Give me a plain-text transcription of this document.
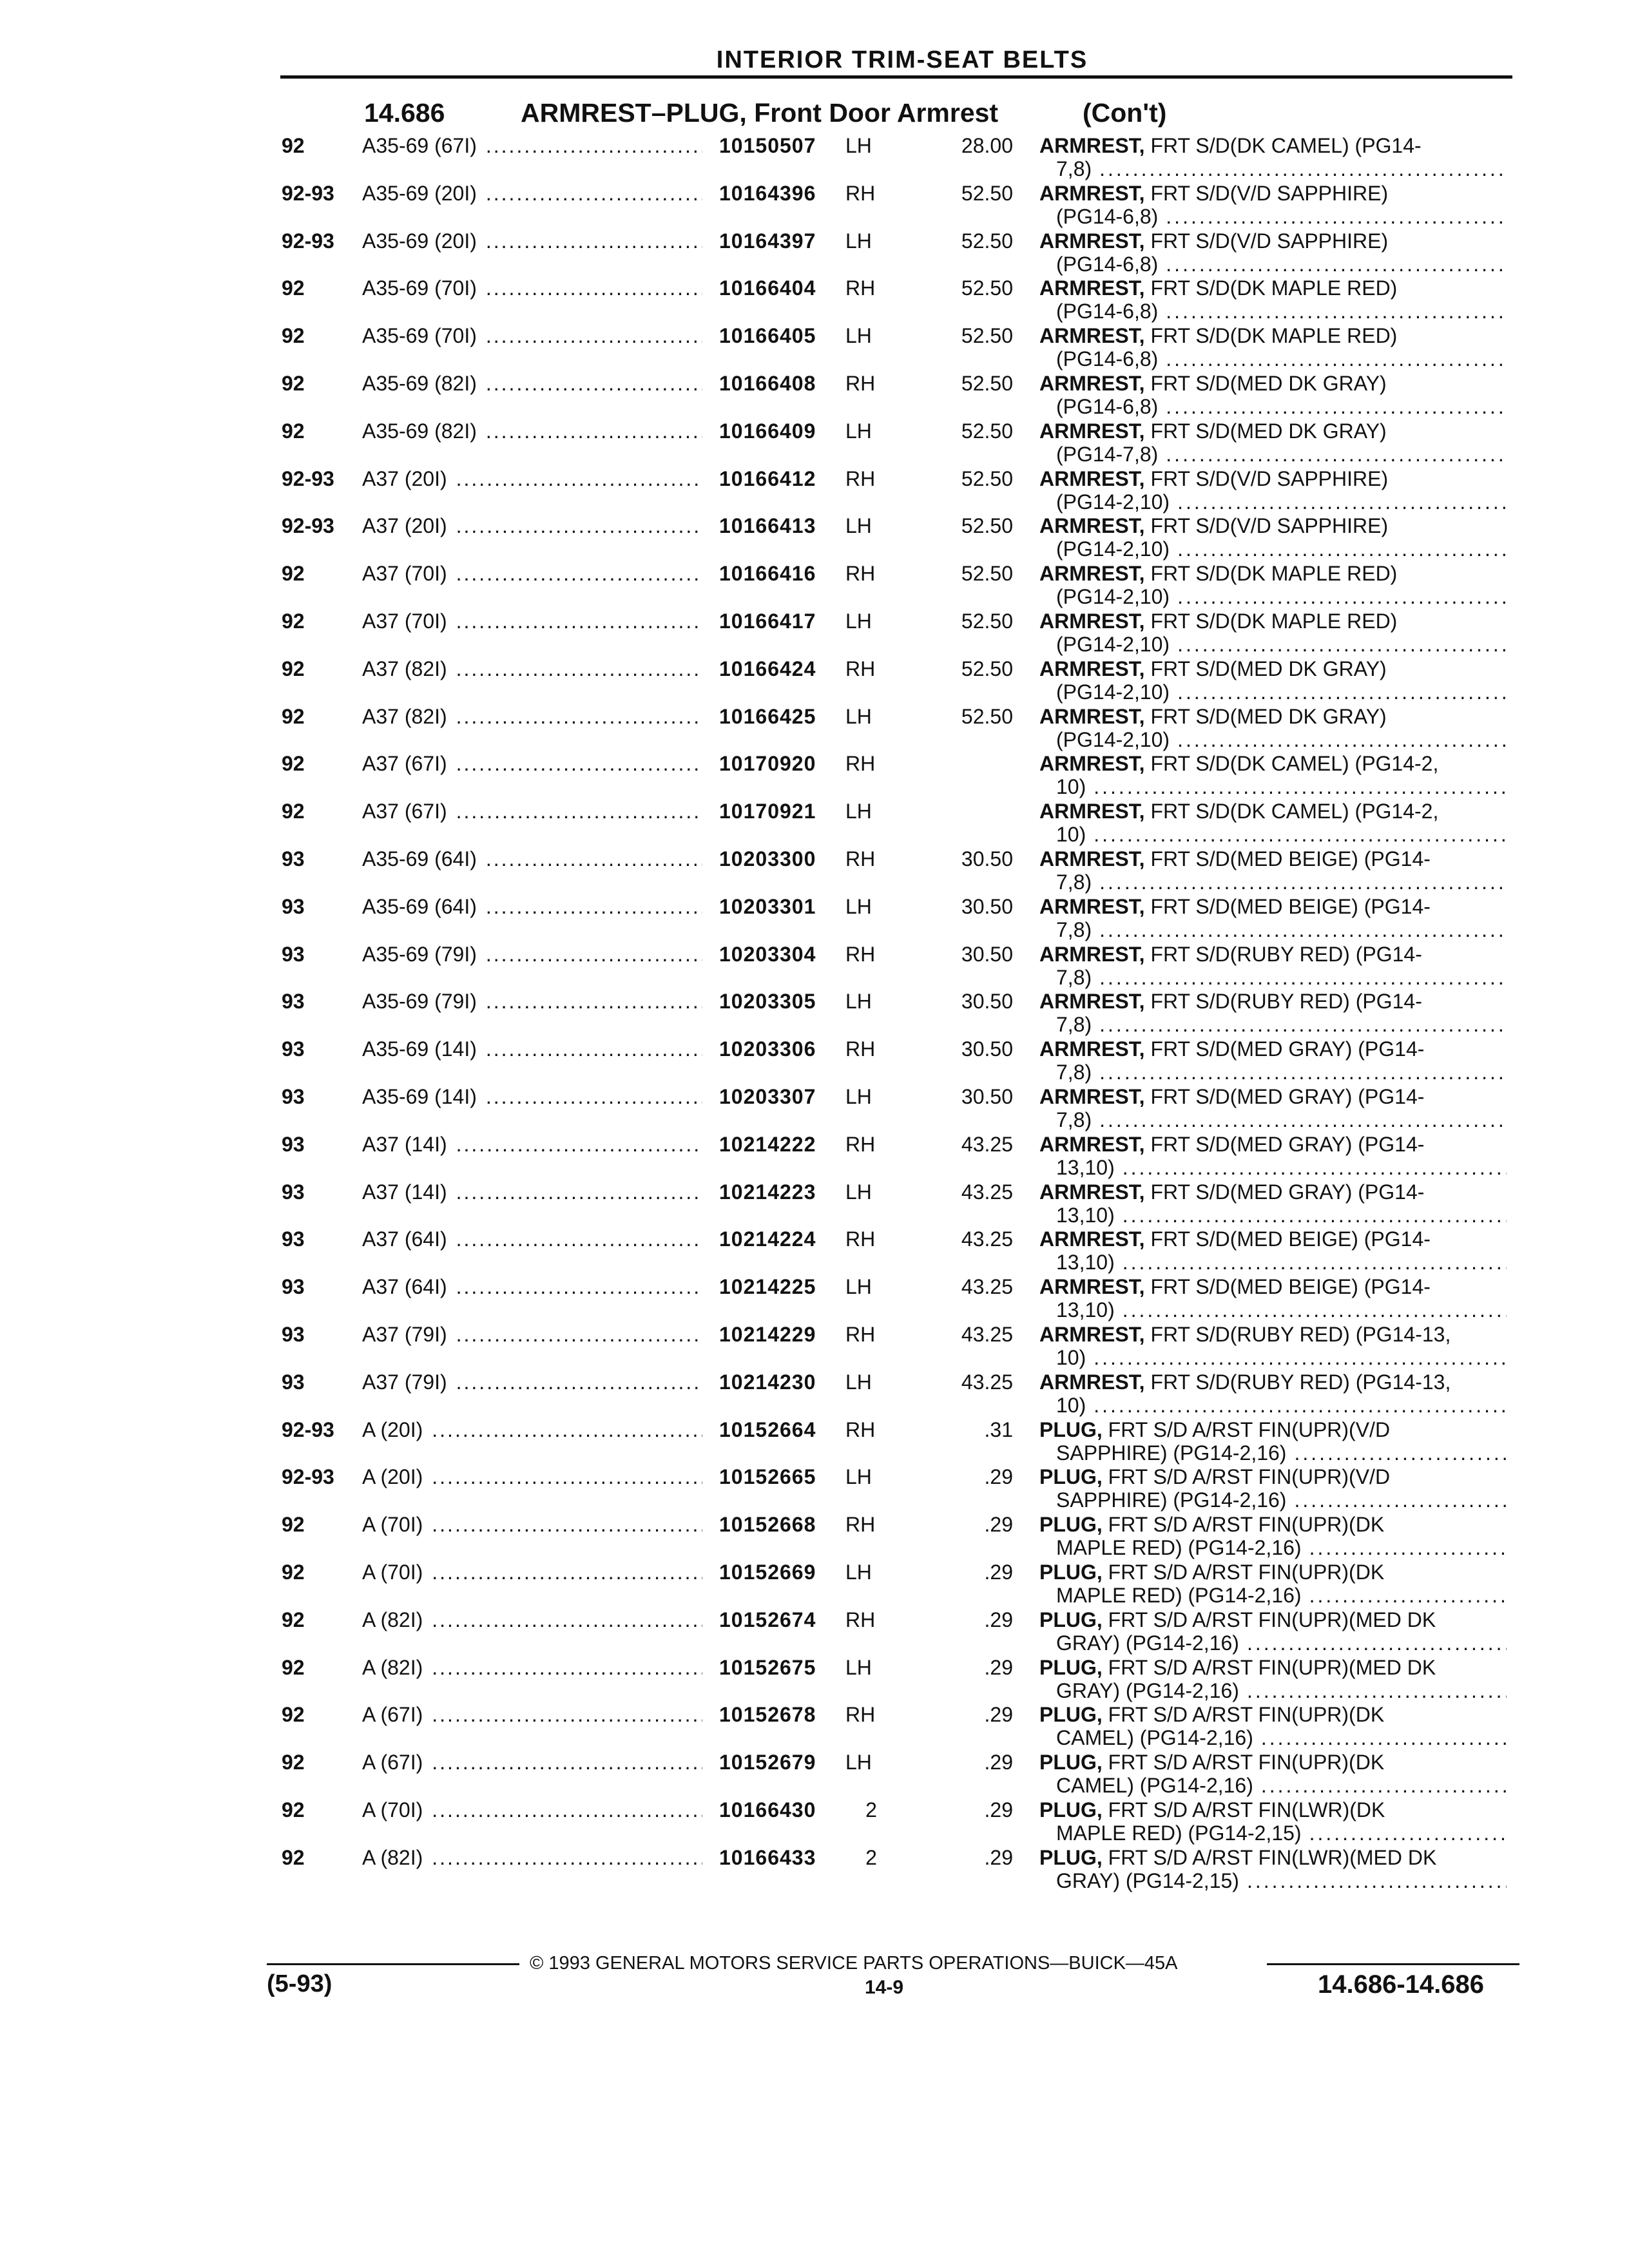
INTERIOR TRIM-SEAT BELTS
14.686	ARMREST–PLUG, Front Door Armrest	(Con't)
92	A35-69 (67I) .....	10150507 LH	28.00 ARMREST, FRT S/D(DK CAMEL) (PG14-
7,8)
.....
92-93 A35-69 (20I) .....	10164396 RH	52.50 ARMREST, FRT S/D(V/D SAPPHIRE)
(PG14-6,8)
.....
92-93 A35-69 (20I) .....	10164397 LH	52.50 ARMREST, FRT S/D(V/D SAPPHIRE)
(PG14-6,8)
.....
92	A35-69 (70I) .....	10166404 RH	52.50 ARMREST, FRT S/D(DK MAPLE RED)
(PG14-6,8)
.....
92	A35-69 (70I) .....	10166405 LH	52.50 ARMREST, FRT S/D(DK MAPLE RED)
(PG14-6,8)
.....
92	A35-69 (82I) .....	10166408 RH	52.50 ARMREST, FRT S/D(MED DK GRAY)
(PG14-6,8)
.....
92	A35-69 (82I) .....	10166409 LH	52.50 ARMREST, FRT S/D(MED DK GRAY)
(PG14-7,8)
.....
92-93 A37 (20I) .....	10166412 RH	52.50 ARMREST, FRT S/D(V/D SAPPHIRE)
(PG14-2,10)
.....
92-93 A37 (20I) .....	10166413 LH	52.50 ARMREST, FRT S/D(V/D SAPPHIRE)
(PG14-2,10)
.....
92	A37 (70I) .....	10166416 RH	52.50 ARMREST, FRT S/D(DK MAPLE RED)
(PG14-2,10)
.....
92	A37 (70I) .....	10166417 LH	52.50 ARMREST, FRT S/D(DK MAPLE RED)
(PG14-2,10)
.....
92	A37 (82I) .....	10166424 RH	52.50 ARMREST, FRT S/D(MED DK GRAY)
(PG14-2,10)
.....
92	A37 (82I) .....	10166425 LH	52.50 ARMREST, FRT S/D(MED DK GRAY)
(PG14-2,10)
.....
92	A37 (67I) .....	10170920 RH	ARMREST, FRT S/D(DK CAMEL) (PG14-2,
10)
.....
92	A37 (67I) .....	10170921 LH	ARMREST, FRT S/D(DK CAMEL) (PG14-2,
10)
.....
93	A35-69 (64I) .....	10203300 RH	30.50 ARMREST, FRT S/D(MED BEIGE) (PG14-
7,8)
.....
93	A35-69 (64I) .....	10203301 LH	30.50 ARMREST, FRT S/D(MED BEIGE) (PG14-
7,8)
.....
93	A35-69 (79I) .....	10203304 RH	30.50 ARMREST, FRT S/D(RUBY RED) (PG14-
7,8)
.....
93	A35-69 (79I) .....	10203305 LH	30.50 ARMREST, FRT S/D(RUBY RED) (PG14-
7,8)
.....
93	A35-69 (14I) .....	10203306 RH	30.50 ARMREST, FRT S/D(MED GRAY) (PG14-
7,8)
.....
93	A35-69 (14I) .....	10203307 LH	30.50 ARMREST, FRT S/D(MED GRAY) (PG14-
7,8)
.....
93	A37 (14I) .....	10214222 RH	43.25 ARMREST, FRT S/D(MED GRAY) (PG14-
13,10)
.....
93	A37 (14I) .....	10214223 LH	43.25 ARMREST, FRT S/D(MED GRAY) (PG14-
13,10)
.....
93	A37 (64I) .....	10214224 RH	43.25 ARMREST, FRT S/D(MED BEIGE) (PG14-
13,10)
.....
93	A37 (64I) .....	10214225 LH	43.25 ARMREST, FRT S/D(MED BEIGE) (PG14-
13,10)
.....
93	A37 (79I) .....	10214229 RH	43.25 ARMREST, FRT S/D(RUBY RED) (PG14-13,
10)
.....
93	A37 (79I) .....	10214230 LH	43.25 ARMREST, FRT S/D(RUBY RED) (PG14-13,
10)
.....
92-93 A (20I) .....	10152664 RH	.31 PLUG, FRT S/D A/RST FIN(UPR)(V/D
SAPPHIRE) (PG14-2,16)
.....
92-93 A (20I) .....	10152665 LH	.29 PLUG, FRT S/D A/RST FIN(UPR)(V/D
SAPPHIRE) (PG14-2,16)
.....
92	A (70I) .....	10152668 RH	.29 PLUG, FRT S/D A/RST FIN(UPR)(DK
MAPLE RED) (PG14-2,16)
.....
92	A (70I) .....	10152669 LH	.29 PLUG, FRT S/D A/RST FIN(UPR)(DK
MAPLE RED) (PG14-2,16)
.....
92	A (82I) .....	10152674 RH	.29 PLUG, FRT S/D A/RST FIN(UPR)(MED DK
GRAY) (PG14-2,16)
.....
92	A (82I) .....	10152675 LH	.29 PLUG, FRT S/D A/RST FIN(UPR)(MED DK
GRAY) (PG14-2,16)
.....
92	A (67I) .....	10152678 RH	.29 PLUG, FRT S/D A/RST FIN(UPR)(DK
CAMEL) (PG14-2,16)
.....
92	A (67I) .....	10152679 LH	.29 PLUG, FRT S/D A/RST FIN(UPR)(DK
CAMEL) (PG14-2,16)
.....
92	A (70I) .....	10166430	2	.29 PLUG, FRT S/D A/RST FIN(LWR)(DK
MAPLE RED) (PG14-2,15)
.....
92	A (82I) .....	10166433	2	.29 PLUG, FRT S/D A/RST FIN(LWR)(MED DK
GRAY) (PG14-2,15)
.....
© 1993 GENERAL MOTORS SERVICE PARTS OPERATIONS—BUICK—45A
(5-93)	14-9	14.686-14.686
